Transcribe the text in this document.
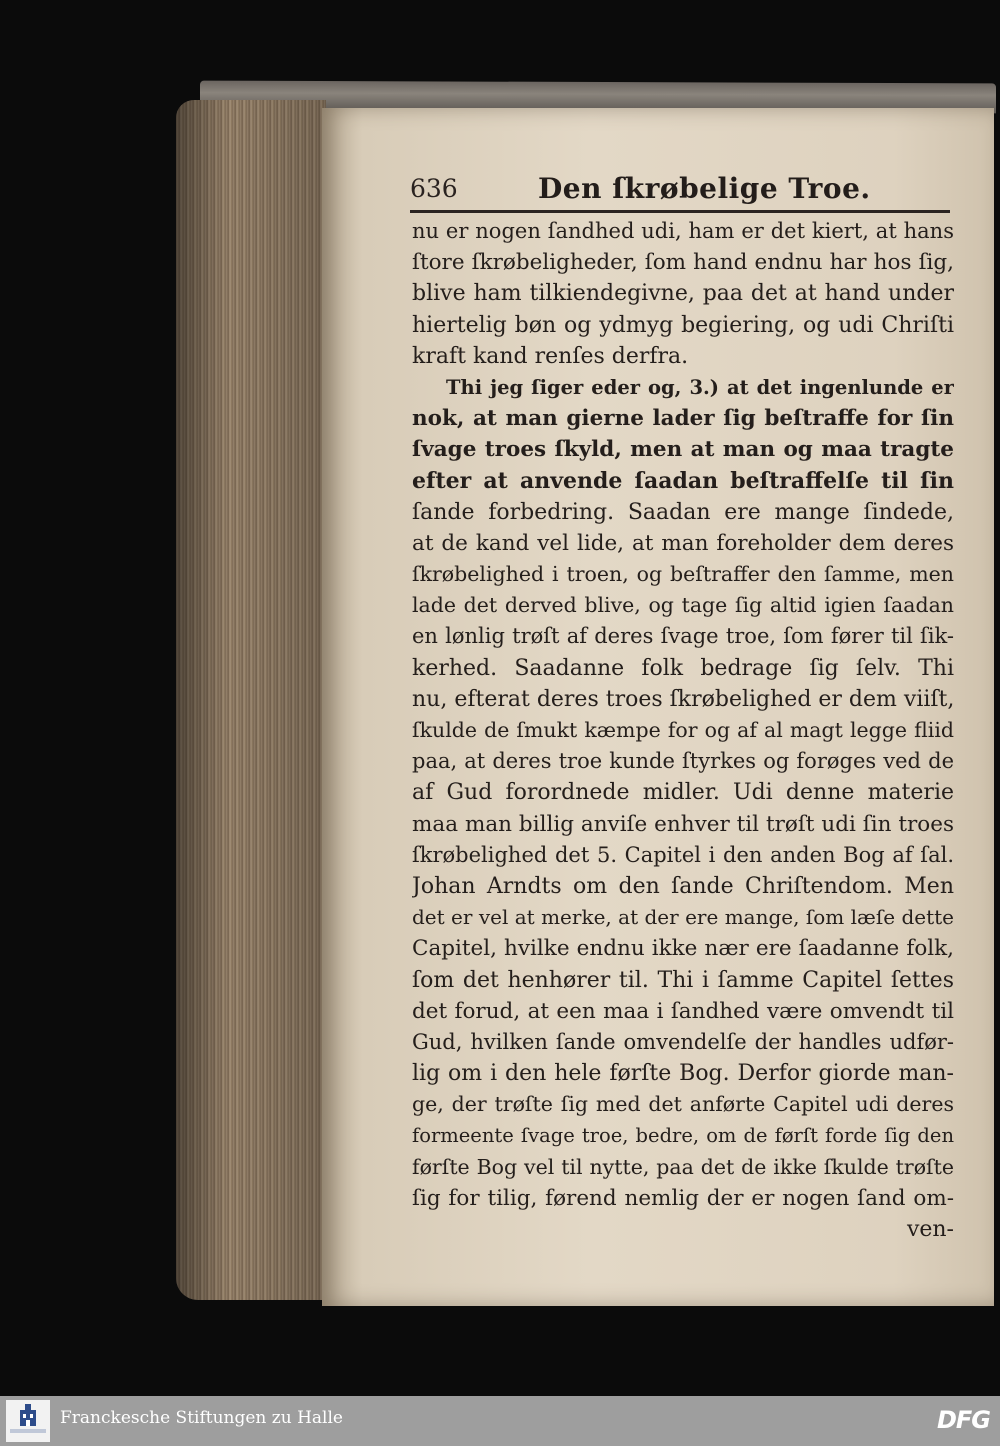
636	Den ſkrøbelige Troe.
nu er nogen ſandhed udi, ham er det kiert, at hans
ſtore ſkrøbeligheder, ſom hand endnu har hos ſig,
blive ham tilkiendegivne, paa det at hand under
hiertelig bøn og ydmyg begiering, og udi Chriſti
kraft kand renſes derfra.
Thi jeg ſiger eder og, 3.) at det ingenlunde er
nok, at man gierne lader ſig beſtraffe for ſin
ſvage troes ſkyld, men at man og maa tragte
efter at anvende ſaadan beſtraffelſe til ſin
ſande forbedring. Saadan ere mange ſindede,
at de kand vel lide, at man foreholder dem deres
ſkrøbelighed i troen, og beſtraffer den ſamme, men
lade det derved blive, og tage ſig altid igien ſaadan
en lønlig trøſt af deres ſvage troe, ſom fører til ſik-
kerhed. Saadanne folk bedrage ſig ſelv. Thi
nu, efterat deres troes ſkrøbelighed er dem viiſt,
ſkulde de ſmukt kæmpe for og af al magt legge fliid
paa, at deres troe kunde ſtyrkes og forøges ved de
af Gud forordnede midler. Udi denne materie
maa man billig anviſe enhver til trøſt udi ſin troes
ſkrøbelighed det 5. Capitel i den anden Bog af ſal.
Johan Arndts om den ſande Chriſtendom. Men
det er vel at merke, at der ere mange, ſom læſe dette
Capitel, hvilke endnu ikke nær ere ſaadanne folk,
ſom det henhører til. Thi i ſamme Capitel ſettes
det forud, at een maa i ſandhed være omvendt til
Gud, hvilken ſande omvendelſe der handles udfør-
lig om i den hele førſte Bog. Derfor giorde man-
ge, der trøſte ſig med det anførte Capitel udi deres
formeente ſvage troe, bedre, om de førſt forde ſig den
førſte Bog vel til nytte, paa det de ikke ſkulde trøſte
ſig for tilig, førend nemlig der er nogen ſand om-
ven-
Franckesche Stiftungen zu Halle	DFG
